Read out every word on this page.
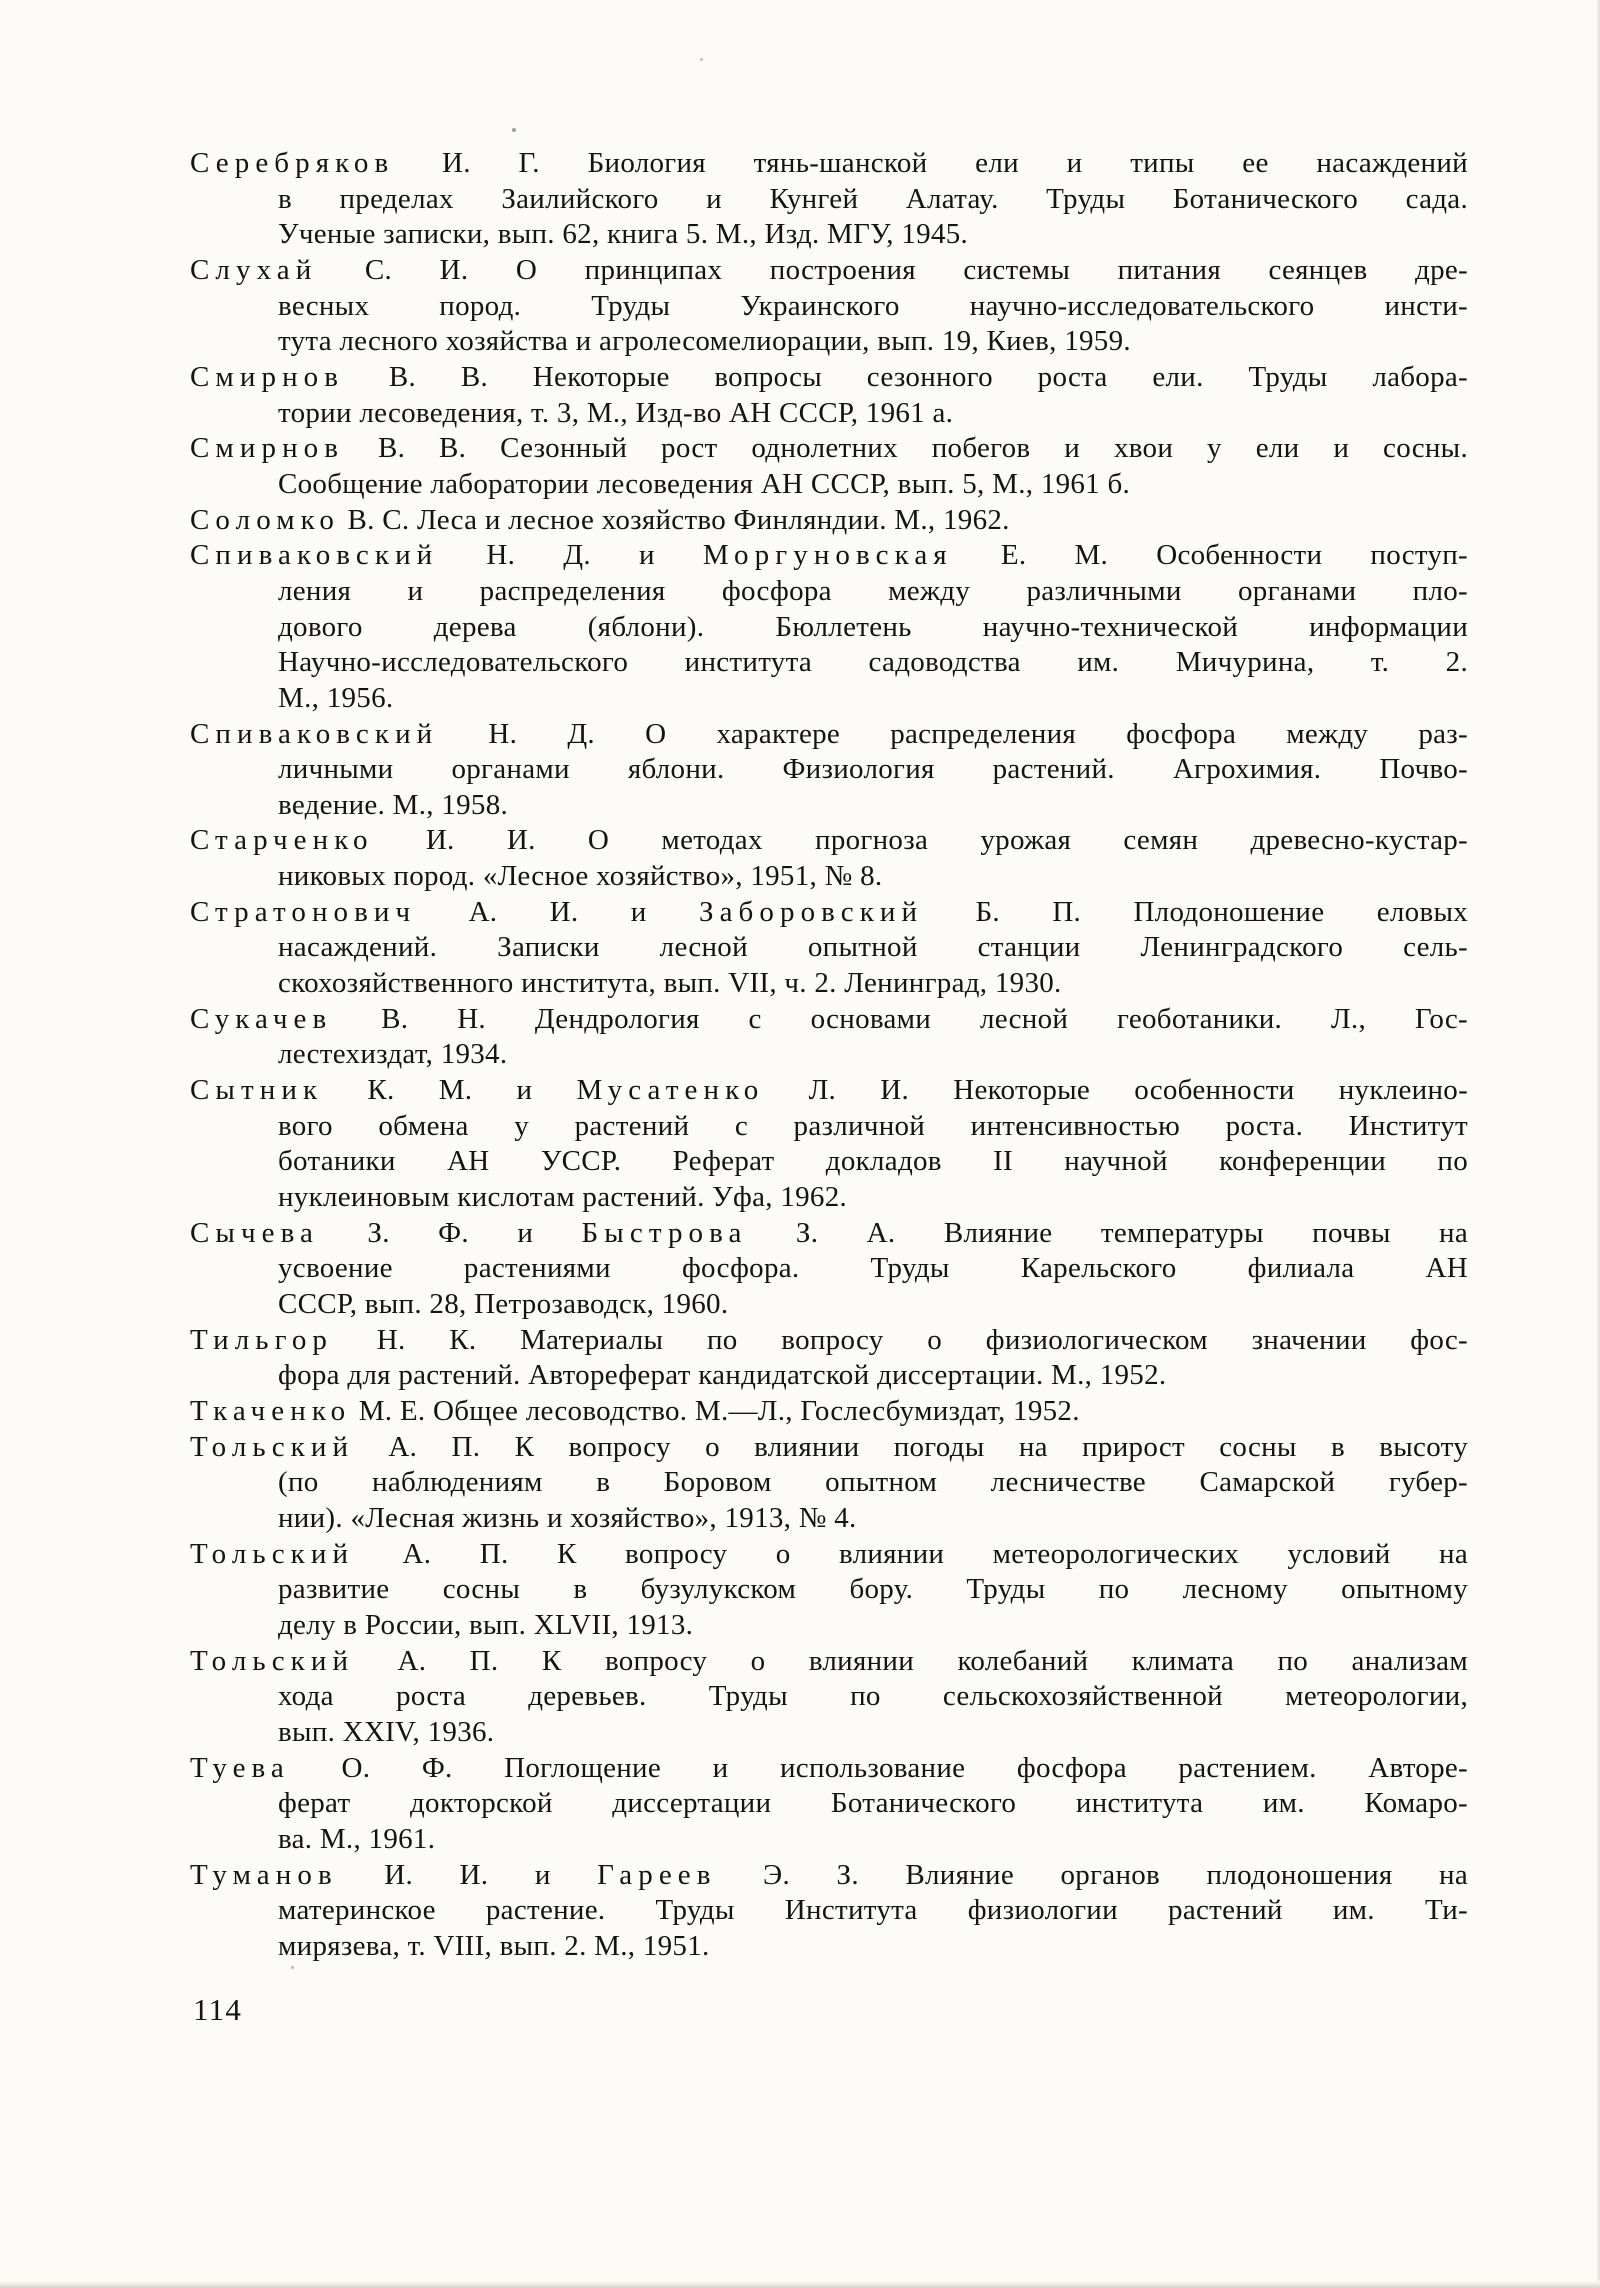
Серебряков И. Г. Биология тянь-шанской ели и типы ее насаждений
в пределах Заилийского и Кунгей Алатау. Труды Ботанического сада.
Ученые записки, вып. 62, книга 5. М., Изд. МГУ, 1945.
Слухай С. И. О принципах построения системы питания сеянцев дре-
весных пород. Труды Украинского научно-исследовательского инсти-
тута лесного хозяйства и агролесомелиорации, вып. 19, Киев, 1959.
Смирнов В. В. Некоторые вопросы сезонного роста ели. Труды лабора-
тории лесоведения, т. 3, М., Изд-во АН СССР, 1961 а.
Смирнов В. В. Сезонный рост однолетних побегов и хвои у ели и сосны.
Сообщение лаборатории лесоведения АН СССР, вып. 5, М., 1961 б.
Соломко В. С. Леса и лесное хозяйство Финляндии. М., 1962.
Спиваковский Н. Д. и Моргуновская Е. М. Особенности поступ-
ления и распределения фосфора между различными органами пло-
дового дерева (яблони). Бюллетень научно-технической информации
Научно-исследовательского института садоводства им. Мичурина, т. 2.
М., 1956.
Спиваковский Н. Д. О характере распределения фосфора между раз-
личными органами яблони. Физиология растений. Агрохимия. Почво-
ведение. М., 1958.
Старченко И. И. О методах прогноза урожая семян древесно-кустар-
никовых пород. «Лесное хозяйство», 1951, № 8.
Стратонович А. И. и Заборовский Б. П. Плодоношение еловых
насаждений. Записки лесной опытной станции Ленинградского сель-
скохозяйственного института, вып. VII, ч. 2. Ленинград, 1930.
Сукачев В. Н. Дендрология с основами лесной геоботаники. Л., Гос-
лестехиздат, 1934.
Сытник К. М. и Мусатенко Л. И. Некоторые особенности нуклеино-
вого обмена у растений с различной интенсивностью роста. Институт
ботаники АН УССР. Реферат докладов II научной конференции по
нуклеиновым кислотам растений. Уфа, 1962.
Сычева З. Ф. и Быстрова З. А. Влияние температуры почвы на
усвоение растениями фосфора. Труды Карельского филиала АН
СССР, вып. 28, Петрозаводск, 1960.
Тильгор Н. К. Материалы по вопросу о физиологическом значении фос-
фора для растений. Автореферат кандидатской диссертации. М., 1952.
Ткаченко М. Е. Общее лесоводство. М.—Л., Гослесбумиздат, 1952.
Тольский А. П. К вопросу о влиянии погоды на прирост сосны в высоту
(по наблюдениям в Боровом опытном лесничестве Самарской губер-
нии). «Лесная жизнь и хозяйство», 1913, № 4.
Тольский А. П. К вопросу о влиянии метеорологических условий на
развитие сосны в бузулукском бору. Труды по лесному опытному
делу в России, вып. XLVII, 1913.
Тольский А. П. К вопросу о влиянии колебаний климата по анализам
хода роста деревьев. Труды по сельскохозяйственной метеорологии,
вып. XXIV, 1936.
Туева О. Ф. Поглощение и использование фосфора растением. Авторе-
ферат докторской диссертации Ботанического института им. Комаро-
ва. М., 1961.
Туманов И. И. и Гареев Э. З. Влияние органов плодоношения на
материнское растение. Труды Института физиологии растений им. Ти-
мирязева, т. VIII, вып. 2. М., 1951.
114
